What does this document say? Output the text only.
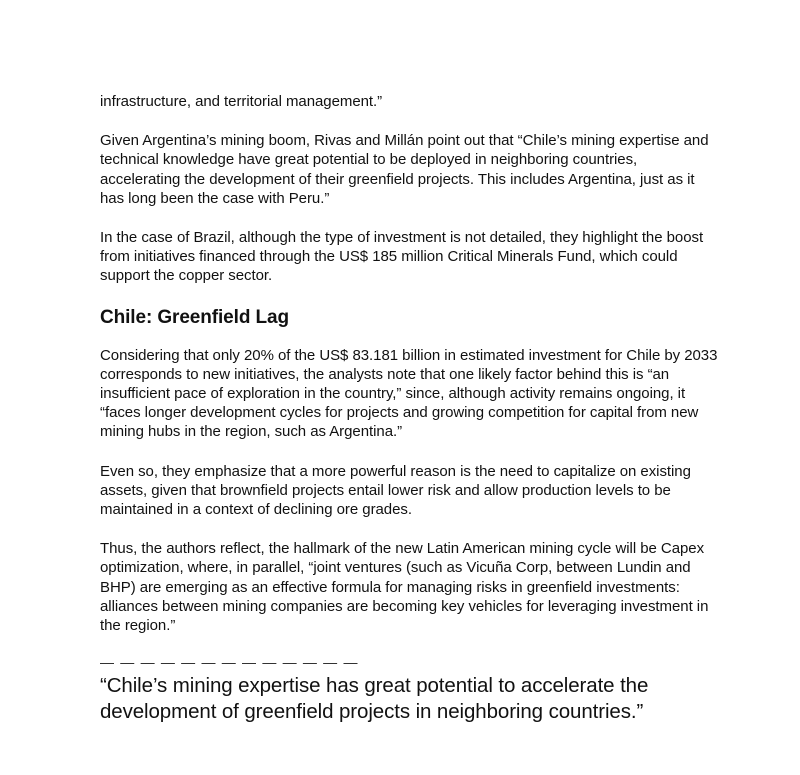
infrastructure, and territorial management.”

Given Argentina’s mining boom, Rivas and Millán point out that “Chile’s mining expertise and technical knowledge have great potential to be deployed in neighboring countries, accelerating the development of their greenfield projects. This includes Argentina, just as it has long been the case with Peru.”

In the case of Brazil, although the type of investment is not detailed, they highlight the boost from initiatives financed through the US$ 185 million Critical Minerals Fund, which could support the copper sector.

Chile: Greenfield Lag

Considering that only 20% of the US$ 83.181 billion in estimated investment for Chile by 2033 corresponds to new initiatives, the analysts note that one likely factor behind this is “an insufficient pace of exploration in the country,” since, although activity remains ongoing, it “faces longer development cycles for projects and growing competition for capital from new mining hubs in the region, such as Argentina.”

Even so, they emphasize that a more powerful reason is the need to capitalize on existing assets, given that brownfield projects entail lower risk and allow production levels to be maintained in a context of declining ore grades.

Thus, the authors reflect, the hallmark of the new Latin American mining cycle will be Capex optimization, where, in parallel, “joint ventures (such as Vicuña Corp, between Lundin and BHP) are emerging as an effective formula for managing risks in greenfield investments: alliances between mining companies are becoming key vehicles for leveraging investment in the region.”

— — — — — — — — — — — — —
“Chile’s mining expertise has great potential to accelerate the development of greenfield projects in neighboring countries.”
